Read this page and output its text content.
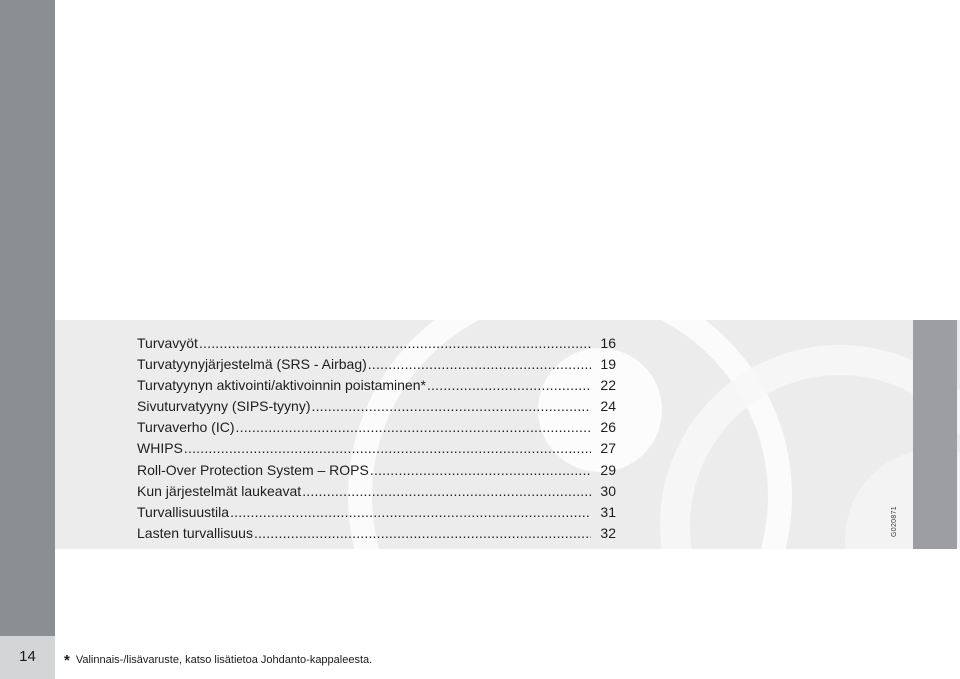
14
G020871
Turvavyöt .....	16
Turvatyynyjärjestelmä (SRS - Airbag) .....	19
Turvatyynyn aktivointi/aktivoinnin poistaminen* .....	22
Sivuturvatyyny (SIPS-tyyny) .....	24
Turvaverho (IC) .....	26
WHIPS .....	27
Roll-Over Protection System – ROPS .....	29
Kun järjestelmät laukeavat .....	30
Turvallisuustila .....	31
Lasten turvallisuus .....	32
* Valinnais-/lisävaruste, katso lisätietoa Johdanto-kappaleesta.
